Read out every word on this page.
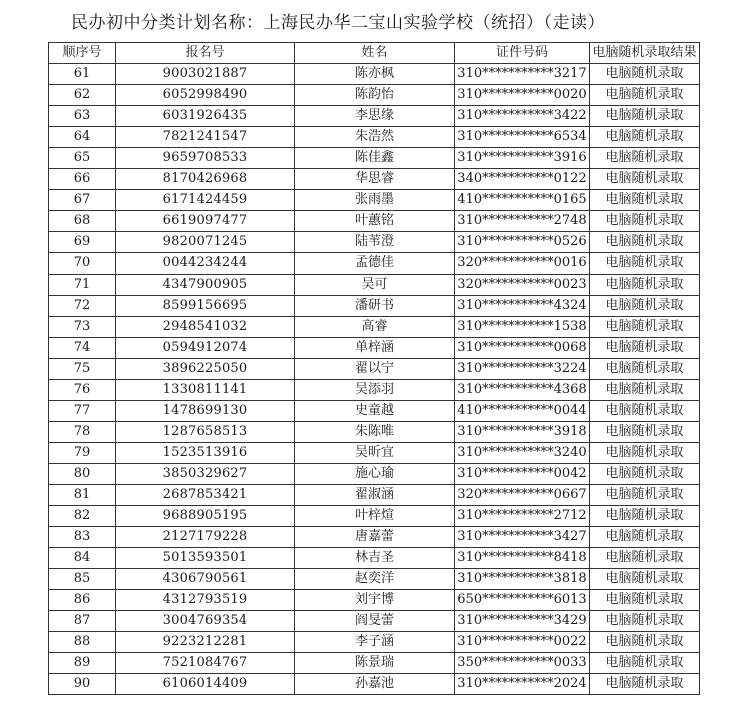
民办初中分类计划名称：上海民办华二宝山实验学校（统招）（走读）
顺序号	报名号	姓名	证件号码	电脑随机录取结果
61	9003021887	陈亦枫	310***********3217	电脑随机录取
62	6052998490	陈韵怡	310***********0020	电脑随机录取
63	6031926435	李思缘	310***********3422	电脑随机录取
64	7821241547	朱浩然	310***********6534	电脑随机录取
65	9659708533	陈佳鑫	310***********3916	电脑随机录取
66	8170426968	华思睿	340***********0122	电脑随机录取
67	6171424459	张雨墨	410***********0165	电脑随机录取
68	6619097477	叶蕙铭	310***********2748	电脑随机录取
69	9820071245	陆苇澄	310***********0526	电脑随机录取
70	0044234244	孟德佳	320***********0016	电脑随机录取
71	4347900905	吴可	320***********0023	电脑随机录取
72	8599156695	潘研书	310***********4324	电脑随机录取
73	2948541032	高睿	310***********1538	电脑随机录取
74	0594912074	单梓涵	310***********0068	电脑随机录取
75	3896225050	翟以宁	310***********3224	电脑随机录取
76	1330811141	吴添羽	310***********4368	电脑随机录取
77	1478699130	史童越	410***********0044	电脑随机录取
78	1287658513	朱陈唯	310***********3918	电脑随机录取
79	1523513916	吴昕宜	310***********3240	电脑随机录取
80	3850329627	施心瑜	310***********0042	电脑随机录取
81	2687853421	翟淑涵	320***********0667	电脑随机录取
82	9688905195	叶梓煊	310***********2712	电脑随机录取
83	2127179228	唐嘉蕾	310***********3427	电脑随机录取
84	5013593501	林吉圣	310***********8418	电脑随机录取
85	4306790561	赵奕洋	310***********3818	电脑随机录取
86	4312793519	刘宇博	650***********6013	电脑随机录取
87	3004769354	阎旻蕾	310***********3429	电脑随机录取
88	9223212281	李子涵	310***********0022	电脑随机录取
89	7521084767	陈景瑞	350***********0033	电脑随机录取
90	6106014409	孙嘉池	310***********2024	电脑随机录取
